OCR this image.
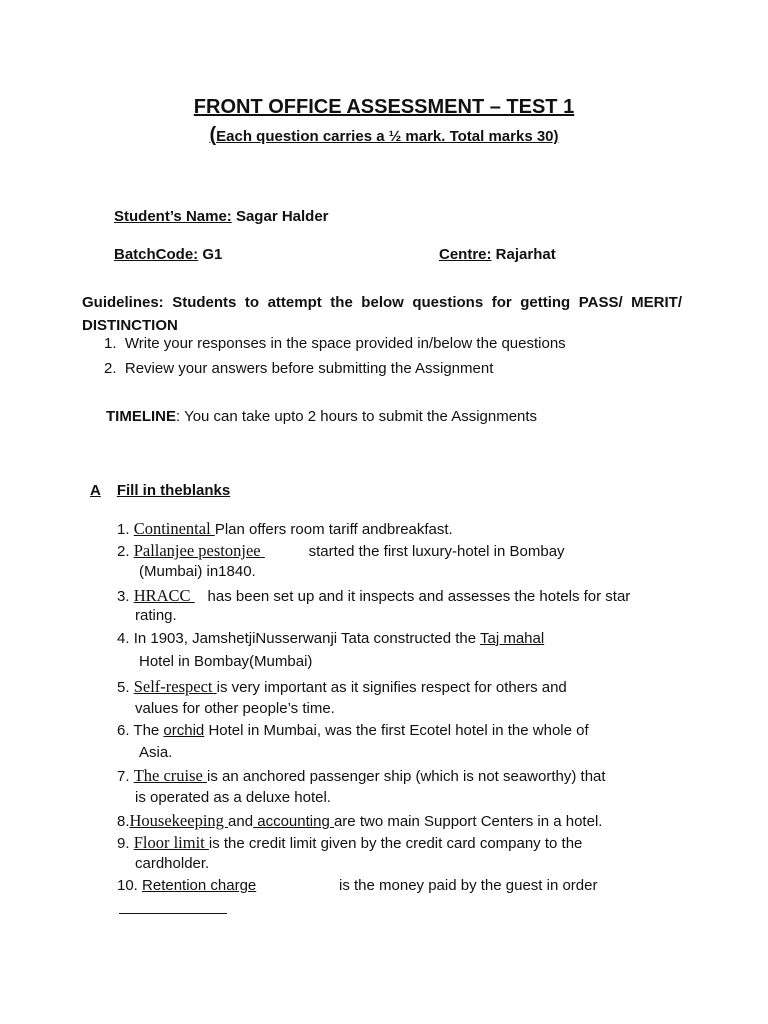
FRONT OFFICE ASSESSMENT – TEST 1
(Each question carries a ½ mark. Total marks 30)
Student’s Name: Sagar Halder
BatchCode: G1	Centre: Rajarhat
Guidelines: Students to attempt the below questions for getting PASS/ MERIT/ DISTINCTION
1. Write your responses in the space provided in/below the questions
2. Review your answers before submitting the Assignment
TIMELINE: You can take upto 2 hours to submit the Assignments
A Fill in theblanks
1. Continental Plan offers room tariff andbreakfast.
2. Pallanjee pestonjee	started the first luxury-hotel in Bombay
(Mumbai) in1840.
3. HRACC has been set up and it inspects and assesses the hotels for star
rating.
4. In 1903, JamshetjiNusserwanji Tata constructed the Taj mahal
Hotel in Bombay(Mumbai)
5. Self-respect is very important as it signifies respect for others and
values for other people’s time.
6. The orchid Hotel in Mumbai, was the first Ecotel hotel in the whole of
Asia.
7. The cruise is an anchored passenger ship (which is not seaworthy) that
is operated as a deluxe hotel.
8.Housekeeping and accounting are two main Support Centers in a hotel.
9. Floor limit is the credit limit given by the credit card company to the
cardholder.
10. Retention charge	is the money paid by the guest in order
